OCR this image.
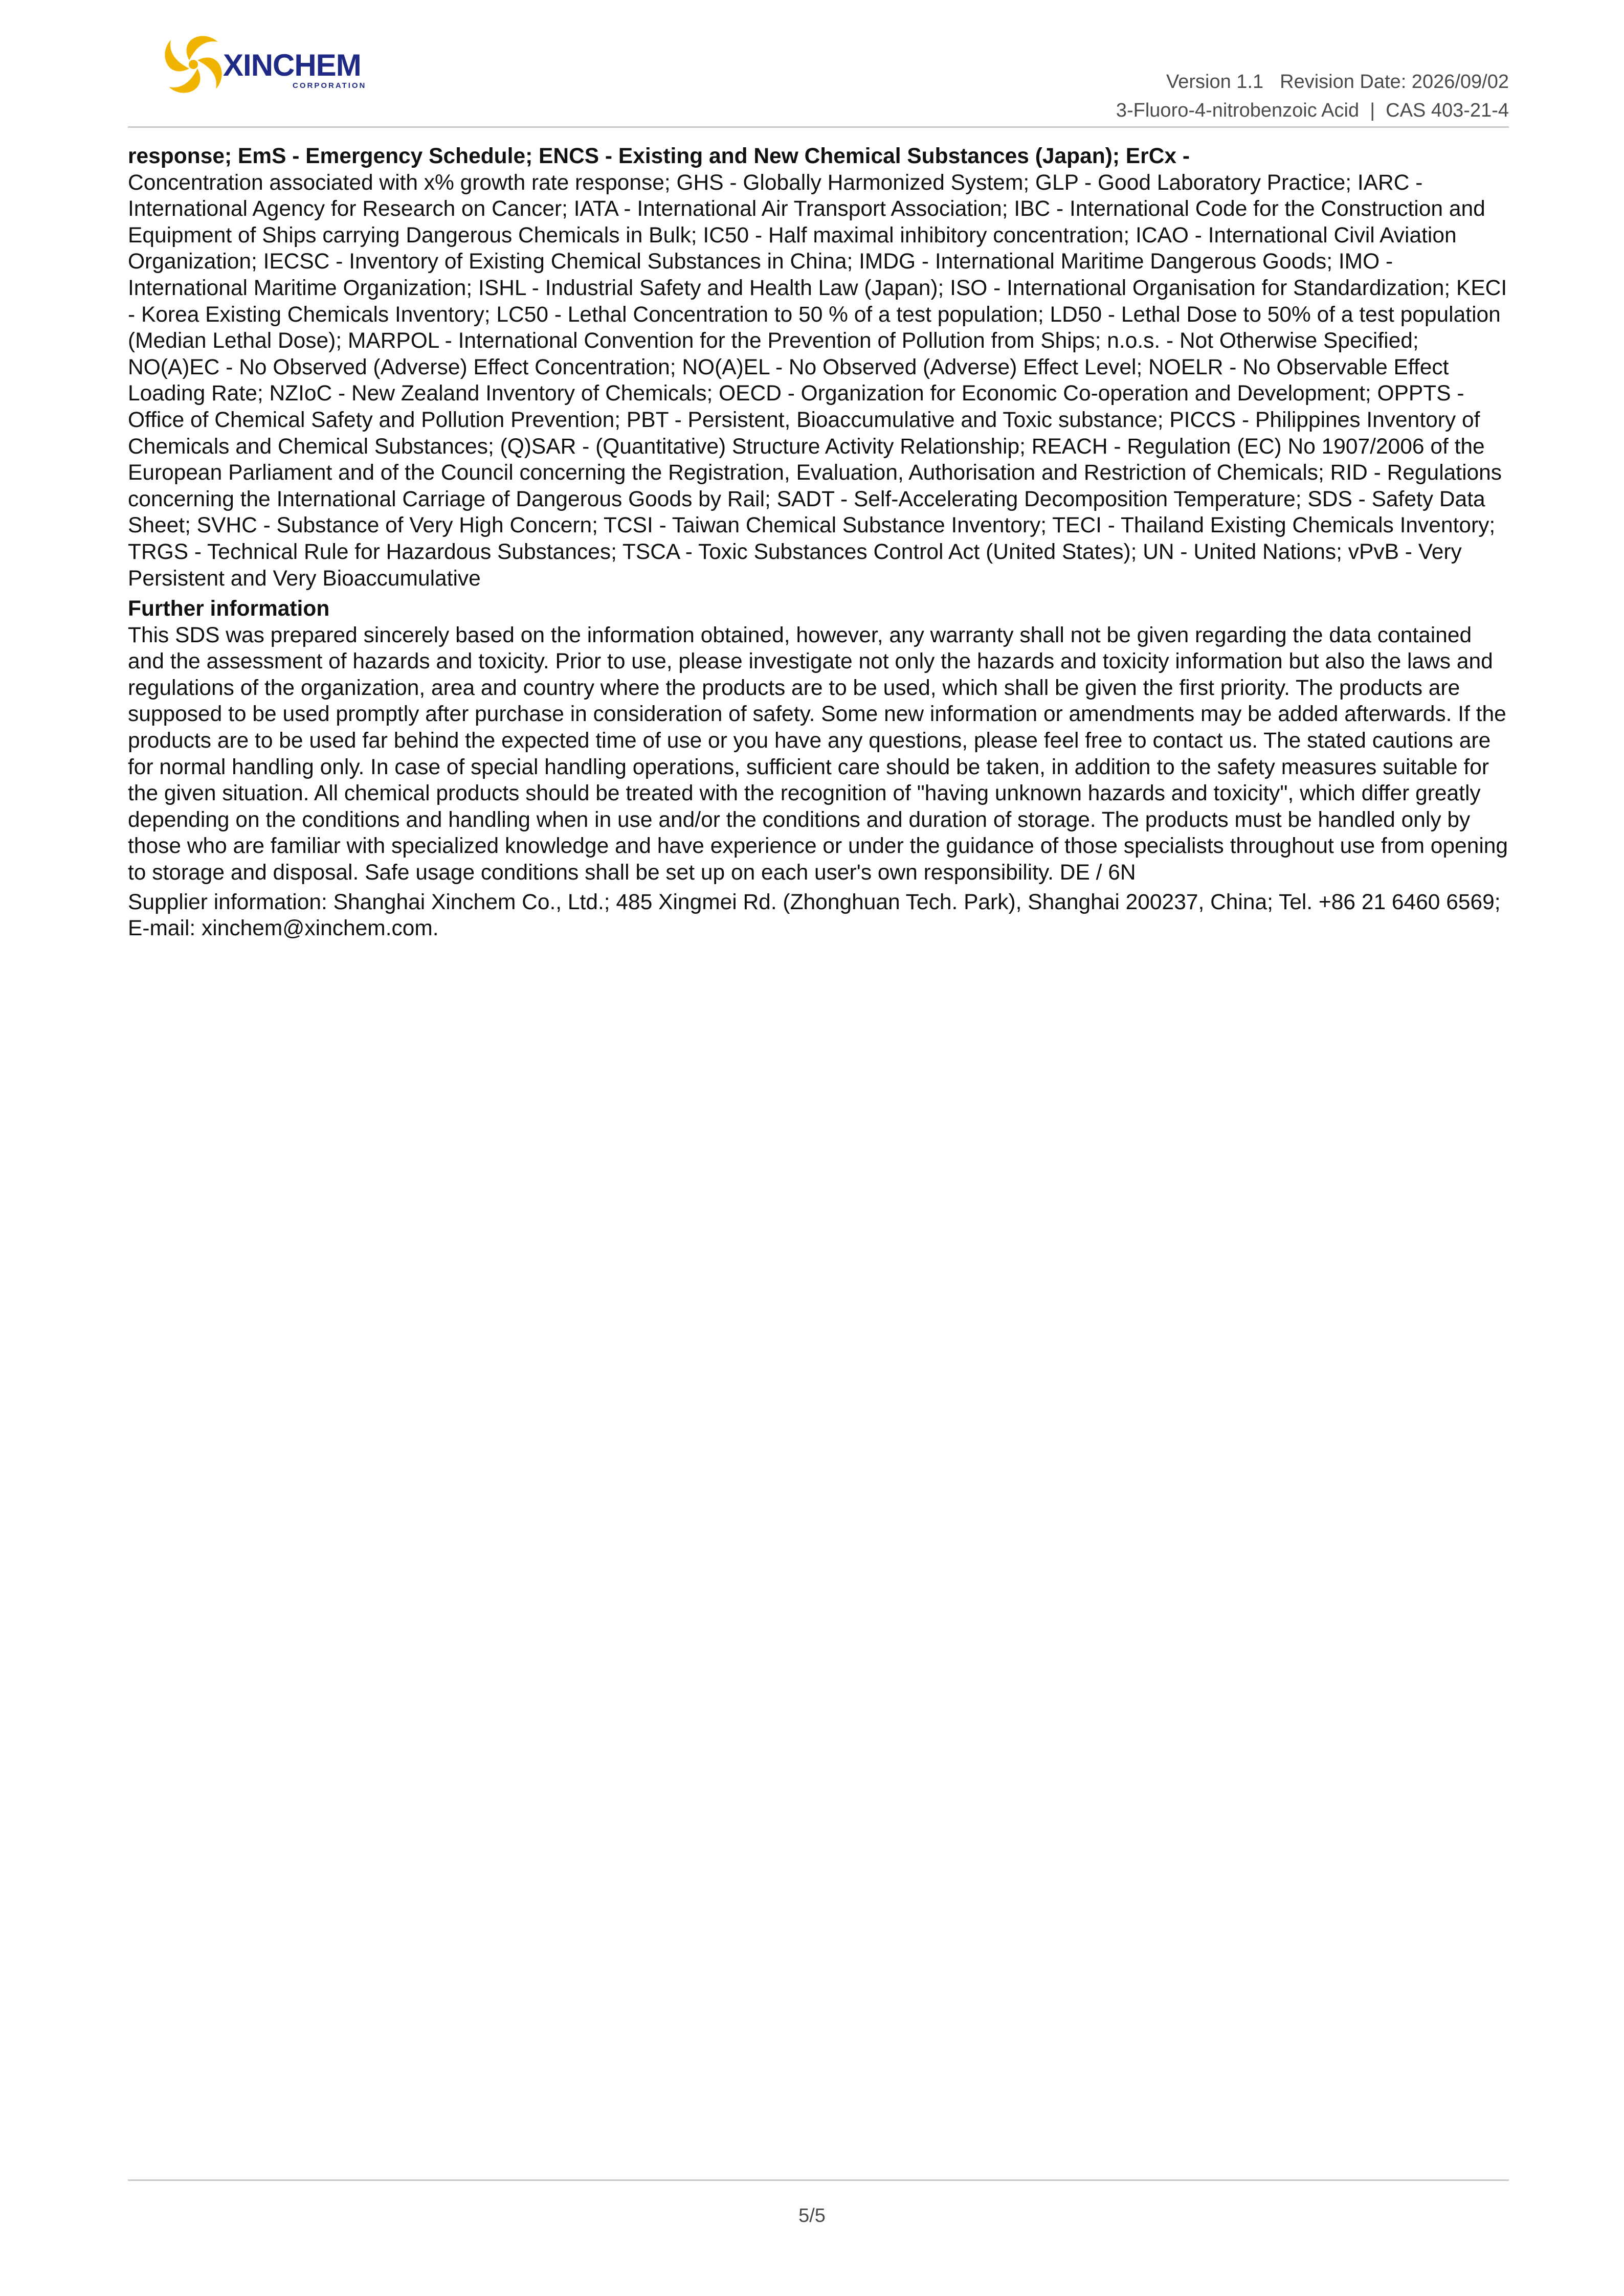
XINCHEM
CORPORATION	Version 1.1 Revision Date: 2026/09/02
3-Fluoro-4-nitrobenzoic Acid  |  CAS 403-21-4

response; EmS - Emergency Schedule; ENCS - Existing and New Chemical Substances (Japan); ErCx -

Concentration associated with x% growth rate response; GHS - Globally Harmonized System; GLP - Good Laboratory Practice; IARC - International Agency for Research on Cancer; IATA - International Air Transport Association; IBC - International Code for the Construction and Equipment of Ships carrying Dangerous Chemicals in Bulk; IC50 - Half maximal inhibitory concentration; ICAO - International Civil Aviation Organization; IECSC - Inventory of Existing Chemical Substances in China; IMDG - International Maritime Dangerous Goods; IMO - International Maritime Organization; ISHL - Industrial Safety and Health Law (Japan); ISO - International Organisation for Standardization; KECI - Korea Existing Chemicals Inventory; LC50 - Lethal Concentration to 50 % of a test population; LD50 - Lethal Dose to 50% of a test population (Median Lethal Dose); MARPOL - International Convention for the Prevention of Pollution from Ships; n.o.s. - Not Otherwise Specified; NO(A)EC - No Observed (Adverse) Effect Concentration; NO(A)EL - No Observed (Adverse) Effect Level; NOELR - No Observable Effect Loading Rate; NZIoC - New Zealand Inventory of Chemicals; OECD - Organization for Economic Co-operation and Development; OPPTS - Office of Chemical Safety and Pollution Prevention; PBT - Persistent, Bioaccumulative and Toxic substance; PICCS - Philippines Inventory of Chemicals and Chemical Substances; (Q)SAR - (Quantitative) Structure Activity Relationship; REACH - Regulation (EC) No 1907/2006 of the European Parliament and of the Council concerning the Registration, Evaluation, Authorisation and Restriction of Chemicals; RID - Regulations concerning the International Carriage of Dangerous Goods by Rail; SADT - Self-Accelerating Decomposition Temperature; SDS - Safety Data Sheet; SVHC - Substance of Very High Concern; TCSI - Taiwan Chemical Substance Inventory; TECI - Thailand Existing Chemicals Inventory; TRGS - Technical Rule for Hazardous Substances; TSCA - Toxic Substances Control Act (United States); UN - United Nations; vPvB - Very Persistent and Very Bioaccumulative

Further information

This SDS was prepared sincerely based on the information obtained, however, any warranty shall not be given regarding the data contained and the assessment of hazards and toxicity. Prior to use, please investigate not only the hazards and toxicity information but also the laws and regulations of the organization, area and country where the products are to be used, which shall be given the first priority. The products are supposed to be used promptly after purchase in consideration of safety. Some new information or amendments may be added afterwards. If the products are to be used far behind the expected time of use or you have any questions, please feel free to contact us. The stated cautions are for normal handling only. In case of special handling operations, sufficient care should be taken, in addition to the safety measures suitable for the given situation. All chemical products should be treated with the recognition of "having unknown hazards and toxicity", which differ greatly depending on the conditions and handling when in use and/or the conditions and duration of storage. The products must be handled only by those who are familiar with specialized knowledge and have experience or under the guidance of those specialists throughout use from opening to storage and disposal. Safe usage conditions shall be set up on each user's own responsibility. DE / 6N

Supplier information: Shanghai Xinchem Co., Ltd.; 485 Xingmei Rd. (Zhonghuan Tech. Park), Shanghai 200237, China; Tel. +86 21 6460 6569; E-mail: xinchem@xinchem.com.

5/5
